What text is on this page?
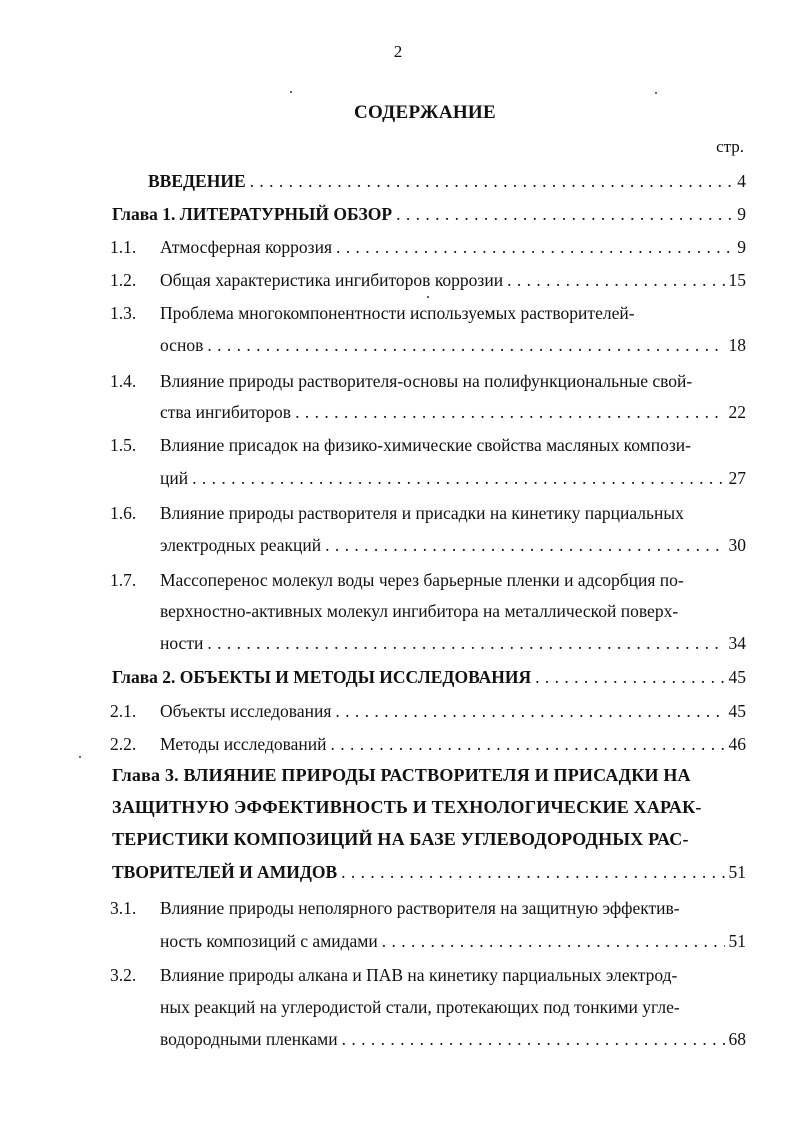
2
СОДЕРЖАНИЕ
стр.
ВВЕДЕНИЕ . . .	4
Глава 1. ЛИТЕРАТУРНЫЙ ОБЗОР . . .	9
1.1. Атмосферная коррозия . . .	9
1.2. Общая характеристика ингибиторов коррозии . . .	15
1.3. Проблема многокомпонентности используемых растворителей-
основ . . .	18
1.4. Влияние природы растворителя-основы на полифункциональные свой-
ства ингибиторов . . .	22
1.5. Влияние присадок на физико-химические свойства масляных компози-
ций . . .	27
1.6. Влияние природы растворителя и присадки на кинетику парциальных
электродных реакций . . .	30
1.7. Массоперенос молекул воды через барьерные пленки и адсорбция по-
верхностно-активных молекул ингибитора на металлической поверх-
ности . . .	34
Глава 2. ОБЪЕКТЫ И МЕТОДЫ ИССЛЕДОВАНИЯ . . .	45
2.1. Объекты исследования . . .	45
2.2. Методы исследований . . .	46
Глава 3. ВЛИЯНИЕ ПРИРОДЫ РАСТВОРИТЕЛЯ И ПРИСАДКИ НА
ЗАЩИТНУЮ ЭФФЕКТИВНОСТЬ И ТЕХНОЛОГИЧЕСКИЕ ХАРАК-
ТЕРИСТИКИ КОМПОЗИЦИЙ НА БАЗЕ УГЛЕВОДОРОДНЫХ РАС-
ТВОРИТЕЛЕЙ И АМИДОВ . . .	51
3.1. Влияние природы неполярного растворителя на защитную эффектив-
ность композиций с амидами . . .	51
3.2. Влияние природы алкана и ПАВ на кинетику парциальных электрод-
ных реакций на углеродистой стали, протекающих под тонкими угле-
водородными пленками . . .	68
